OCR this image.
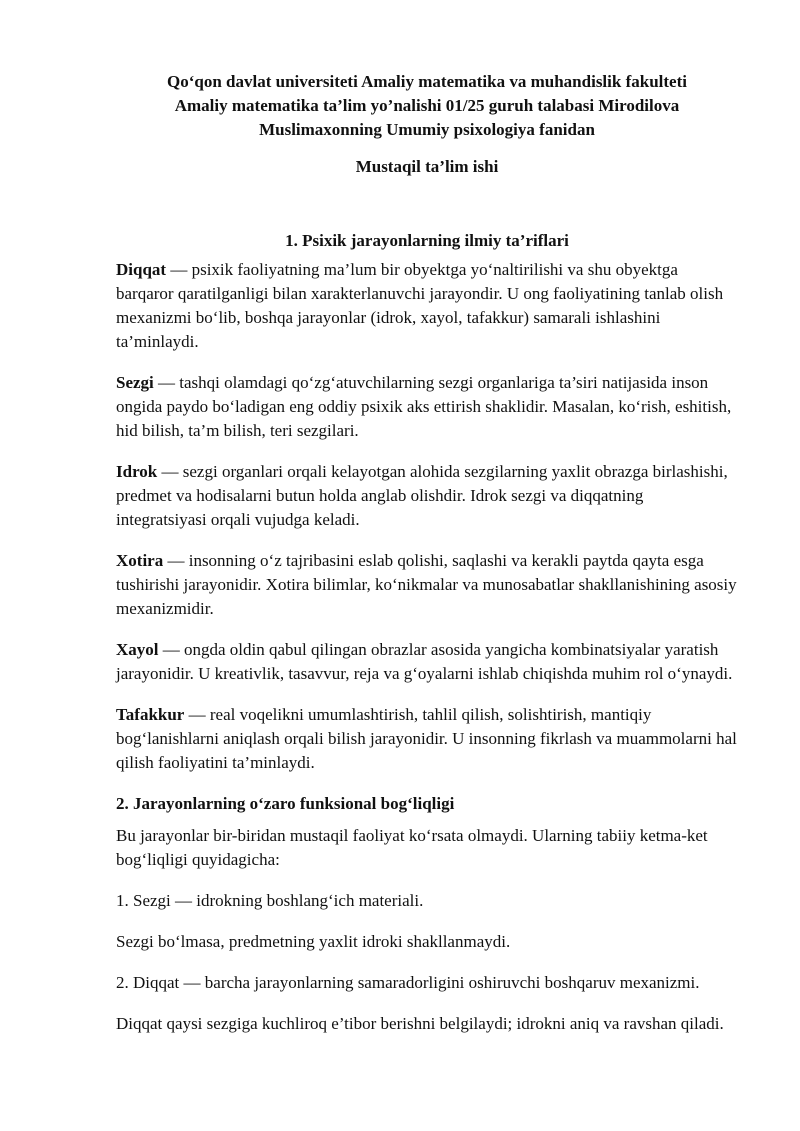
Qo‘qon davlat universiteti Amaliy matematika va muhandislik fakulteti
Amaliy matematika ta’lim yo’nalishi 01/25 guruh talabasi Mirodilova
Muslimaxonning Umumiy psixologiya fanidan
Mustaqil ta’lim ishi
1. Psixik jarayonlarning ilmiy ta’riflari

Diqqat — psixik faoliyatning ma’lum bir obyektga yo‘naltirilishi va shu obyektga barqaror qaratilganligi bilan xarakterlanuvchi jarayondir. U ong faoliyatining tanlab olish mexanizmi bo‘lib, boshqa jarayonlar (idrok, xayol, tafakkur) samarali ishlashini ta’minlaydi.

Sezgi — tashqi olamdagi qo‘zg‘atuvchilarning sezgi organlariga ta’siri natijasida inson ongida paydo bo‘ladigan eng oddiy psixik aks ettirish shaklidir. Masalan, ko‘rish, eshitish, hid bilish, ta’m bilish, teri sezgilari.

Idrok — sezgi organlari orqali kelayotgan alohida sezgilarning yaxlit obrazga birlashishi, predmet va hodisalarni butun holda anglab olishdir. Idrok sezgi va diqqatning integratsiyasi orqali vujudga keladi.

Xotira — insonning o‘z tajribasini eslab qolishi, saqlashi va kerakli paytda qayta esga tushirishi jarayonidir. Xotira bilimlar, ko‘nikmalar va munosabatlar shakllanishining asosiy mexanizmidir.

Xayol — ongda oldin qabul qilingan obrazlar asosida yangicha kombinatsiyalar yaratish jarayonidir. U kreativlik, tasavvur, reja va g‘oyalarni ishlab chiqishda muhim rol o‘ynaydi.

Tafakkur — real voqelikni umumlashtirish, tahlil qilish, solishtirish, mantiqiy bog‘lanishlarni aniqlash orqali bilish jarayonidir. U insonning fikrlash va muammolarni hal qilish faoliyatini ta’minlaydi.

2. Jarayonlarning o‘zaro funksional bog‘liqligi

Bu jarayonlar bir-biridan mustaqil faoliyat ko‘rsata olmaydi. Ularning tabiiy ketma-ket bog‘liqligi quyidagicha:

1. Sezgi — idrokning boshlang‘ich materiali.

Sezgi bo‘lmasa, predmetning yaxlit idroki shakllanmaydi.

2. Diqqat — barcha jarayonlarning samaradorligini oshiruvchi boshqaruv mexanizmi.

Diqqat qaysi sezgiga kuchliroq e’tibor berishni belgilaydi; idrokni aniq va ravshan qiladi.
